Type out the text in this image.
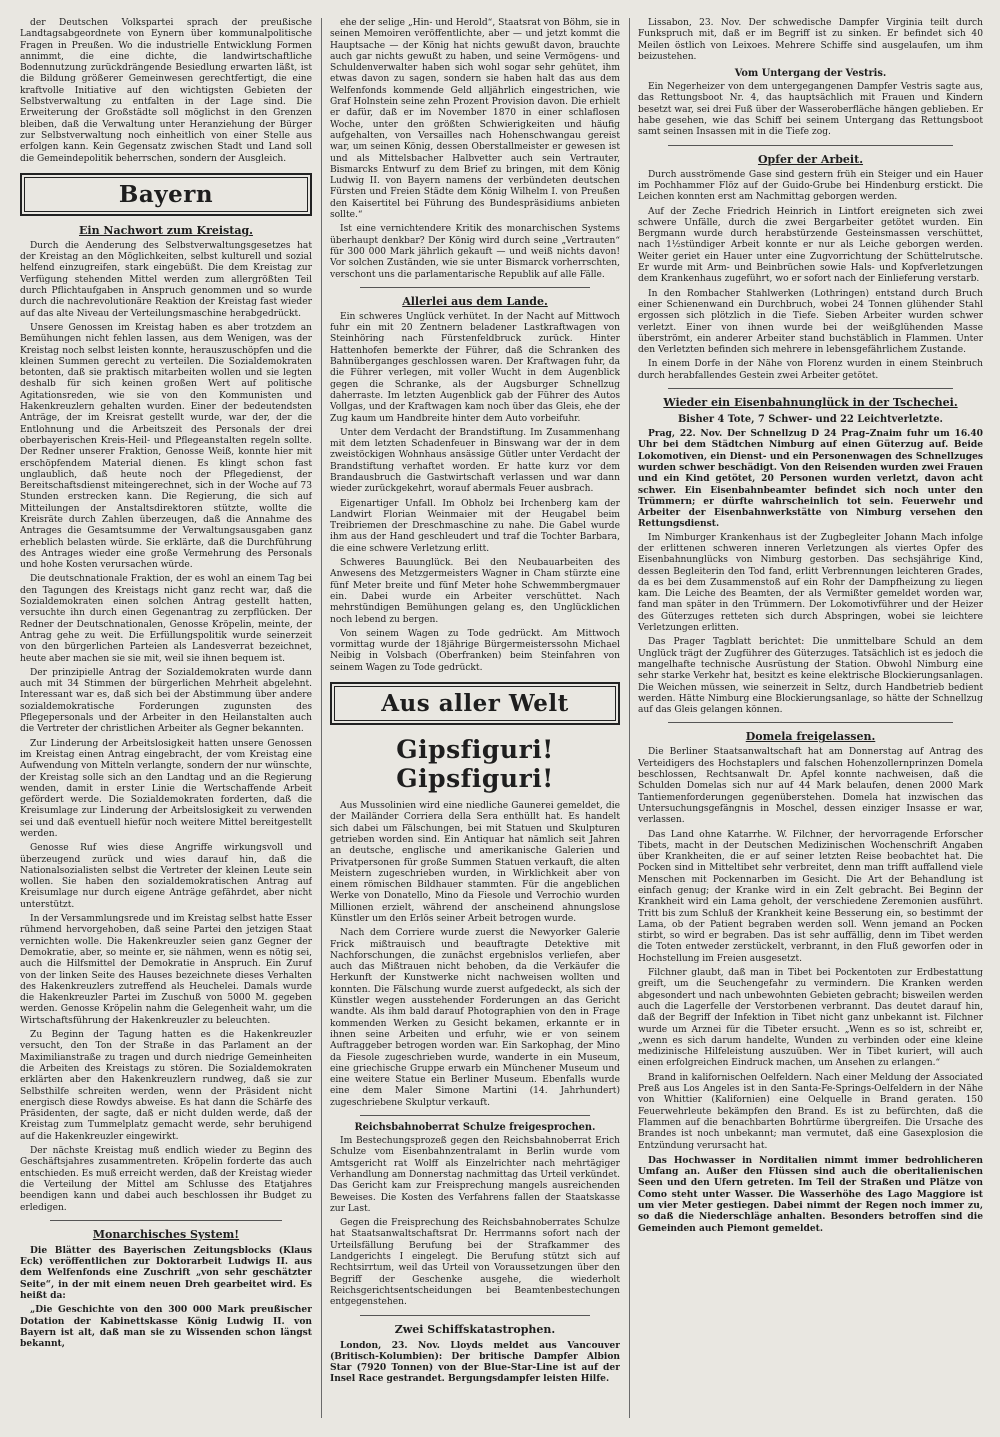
der Deutschen Volkspartei sprach der preußische Landtagsabgeordnete von Eynern über kommunalpolitische Fragen in Preußen. Wo die industrielle Entwicklung Formen annimmt, die eine dichte, die landwirtschaftliche Bodennutzung zurückdrängende Besiedlung erwarten läßt, ist die Bildung größerer Gemeinwesen gerechtfertigt, die eine kraftvolle Initiative auf den wichtigsten Gebieten der Selbstverwaltung zu entfalten in der Lage sind. Die Erweiterung der Großstädte soll möglichst in den Grenzen bleiben, daß die Verwaltung unter Heranziehung der Bürger zur Selbstverwaltung noch einheitlich von einer Stelle aus erfolgen kann. Kein Gegensatz zwischen Stadt und Land soll die Gemeindepolitik beherrschen, sondern der Ausgleich.

Bayern
Ein Nachwort zum Kreistag.

Durch die Aenderung des Selbstverwaltungsgesetzes hat der Kreistag an den Möglichkeiten, selbst kulturell und sozial helfend einzugreifen, stark eingebüßt. Die dem Kreistag zur Verfügung stehenden Mittel werden zum allergrößten Teil durch Pflichtaufgaben in Anspruch genommen und so wurde durch die nachrevolutionäre Reaktion der Kreistag fast wieder auf das alte Niveau der Verteilungsmaschine herabgedrückt.

Unsere Genossen im Kreistag haben es aber trotzdem an Bemühungen nicht fehlen lassen, aus dem Wenigen, was der Kreistag noch selbst leisten konnte, herauszuschöpfen und die kleinen Summen gerecht zu verteilen. Die Sozialdemokraten betonten, daß sie praktisch mitarbeiten wollen und sie legten deshalb für sich keinen großen Wert auf politische Agitationsreden, wie sie von den Kommunisten und Hakenkreuzlern gehalten wurden. Einer der bedeutendsten Anträge, der im Kreisrat gestellt wurde, war der, der die Entlohnung und die Arbeitszeit des Personals der drei oberbayerischen Kreis-Heil- und Pflegeanstalten regeln sollte. Der Redner unserer Fraktion, Genosse Weiß, konnte hier mit erschöpfendem Material dienen. Es klingt schon fast unglaublich, daß heute noch der Pflegedienst, der Bereitschaftsdienst miteingerechnet, sich in der Woche auf 73 Stunden erstrecken kann. Die Regierung, die sich auf Mitteilungen der Anstaltsdirektoren stützte, wollte die Kreisräte durch Zahlen überzeugen, daß die Annahme des Antrages die Gesamtsumme der Verwaltungsausgaben ganz erheblich belasten würde. Sie erklärte, daß die Durchführung des Antrages wieder eine große Vermehrung des Personals und hohe Kosten verursachen würde.

Die deutschnationale Fraktion, der es wohl an einem Tag bei den Tagungen des Kreistags nicht ganz recht war, daß die Sozialdemokraten einen solchen Antrag gestellt hatten, versuchte ihn durch einen Gegenantrag zu zerpflücken. Der Redner der Deutschnationalen, Genosse Kröpelin, meinte, der Antrag gehe zu weit. Die Erfüllungspolitik wurde seinerzeit von den bürgerlichen Parteien als Landesverrat bezeichnet, heute aber machen sie sie mit, weil sie ihnen bequem ist.

Der prinzipielle Antrag der Sozialdemokraten wurde dann auch mit 34 Stimmen der bürgerlichen Mehrheit abgelehnt. Interessant war es, daß sich bei der Abstimmung über andere sozialdemokratische Forderungen zugunsten des Pflegepersonals und der Arbeiter in den Heilanstalten auch die Vertreter der christlichen Arbeiter als Gegner bekannten.

Zur Linderung der Arbeitslosigkeit hatten unsere Genossen im Kreistag einen Antrag eingebracht, der vom Kreistag eine Aufwendung von Mitteln verlangte, sondern der nur wünschte, der Kreistag solle sich an den Landtag und an die Regierung wenden, damit in erster Linie die Wertschaffende Arbeit gefördert werde. Die Sozialdemokraten forderten, daß die Kreisumlage zur Linderung der Arbeitslosigkeit zu verwenden sei und daß eventuell hiefür noch weitere Mittel bereitgestellt werden.

Genosse Ruf wies diese Angriffe wirkungsvoll und überzeugend zurück und wies darauf hin, daß die Nationalsozialisten selbst die Vertreter der kleinen Leute sein wollen. Sie haben den sozialdemokratischen Antrag auf Kreisumlage nur durch eigene Anträge gefährdet, aber nicht unterstützt.

In der Versammlungsrede und im Kreistag selbst hatte Esser rühmend hervorgehoben, daß seine Partei den jetzigen Staat vernichten wolle. Die Hakenkreuzler seien ganz Gegner der Demokratie, aber, so meinte er, sie nähmen, wenn es nötig sei, auch die Hilfsmittel der Demokratie in Anspruch. Ein Zuruf von der linken Seite des Hauses bezeichnete dieses Verhalten des Hakenkreuzlers zutreffend als Heuchelei. Damals wurde die Hakenkreuzler Partei im Zuschuß von 5000 M. gegeben werden. Genosse Kröpelin nahm die Gelegenheit wahr, um die Wirtschaftsführung der Hakenkreuzler zu beleuchten.

Zu Beginn der Tagung hatten es die Hakenkreuzler versucht, den Ton der Straße in das Parlament an der Maximilianstraße zu tragen und durch niedrige Gemeinheiten die Arbeiten des Kreistags zu stören. Die Sozialdemokraten erklärten aber den Hakenkreuzlern rundweg, daß sie zur Selbsthilfe schreiten werden, wenn der Präsident nicht energisch diese Rowdys abweise. Es hat dann die Schärfe des Präsidenten, der sagte, daß er nicht dulden werde, daß der Kreistag zum Tummelplatz gemacht werde, sehr beruhigend auf die Hakenkreuzler eingewirkt.

Der nächste Kreistag muß endlich wieder zu Beginn des Geschäftsjahres zusammentreten. Kröpelin forderte das auch entschieden. Es muß erreicht werden, daß der Kreistag wieder die Verteilung der Mittel am Schlusse des Etatjahres beendigen kann und dabei auch beschlossen ihr Budget zu erledigen.

Monarchisches System!

Die Blätter des Bayerischen Zeitungsblocks (Klaus Eck) veröffentlichen zur Doktorarbeit Ludwigs II. aus dem Welfenfonds eine Zuschrift „von sehr geschätzter Seite“, in der mit einem neuen Dreh gearbeitet wird. Es heißt da:

„Die Geschichte von den 300 000 Mark preußischer Dotation der Kabinettskasse König Ludwig II. von Bayern ist alt, daß man sie zu Wissenden schon längst bekannt,

ehe der selige „Hin- und Herold“, Staatsrat von Böhm, sie in seinen Memoiren veröffentlichte, aber — und jetzt kommt die Hauptsache — der König hat nichts gewußt davon, brauchte auch gar nichts gewußt zu haben, und seine Vermögens- und Schuldenverwalter haben sich wohl sogar sehr gehütet, ihm etwas davon zu sagen, sondern sie haben halt das aus dem Welfenfonds kommende Geld alljährlich eingestrichen, wie Graf Holnstein seine zehn Prozent Provision davon. Die erhielt er dafür, daß er im November 1870 in einer schlaflosen Woche, unter den größten Schwierigkeiten und häufig aufgehalten, von Versailles nach Hohenschwangau gereist war, um seinen König, dessen Oberstallmeister er gewesen ist und als Mittelsbacher Halbvetter auch sein Vertrauter, Bismarcks Entwurf zu dem Brief zu bringen, mit dem König Ludwig II. von Bayern namens der verbündeten deutschen Fürsten und Freien Städte dem König Wilhelm I. von Preußen den Kaisertitel bei Führung des Bundespräsidiums anbieten sollte.“

Ist eine vernichtendere Kritik des monarchischen Systems überhaupt denkbar? Der König wird durch seine „Vertrauten“ für 300 000 Mark jährlich gekauft — und weiß nichts davon! Vor solchen Zuständen, wie sie unter Bismarck vorherrschten, verschont uns die parlamentarische Republik auf alle Fälle.

Allerlei aus dem Lande.

Ein schweres Unglück verhütet. In der Nacht auf Mittwoch fuhr ein mit 20 Zentnern beladener Lastkraftwagen von Steinhöring nach Fürstenfeldbruck zurück. Hinter Hattenhofen bemerkte der Führer, daß die Schranken des Bahnüberganges geschlossen waren. Der Kraftwagen fuhr, da die Führer verlegen, mit voller Wucht in dem Augenblick gegen die Schranke, als der Augsburger Schnellzug daherraste. Im letzten Augenblick gab der Führer des Autos Vollgas, und der Kraftwagen kam noch über das Gleis, ehe der Zug kaum um Handbreite hinter dem Auto vorbeifuhr.

Unter dem Verdacht der Brandstiftung. Im Zusammenhang mit dem letzten Schadenfeuer in Binswang war der in dem zweistöckigen Wohnhaus ansässige Gütler unter Verdacht der Brandstiftung verhaftet worden. Er hatte kurz vor dem Brandausbruch die Gastwirtschaft verlassen und war dann wieder zurückgekehrt, worauf abermals Feuer ausbrach.

Eigenartiger Unfall. Im Obholz bei Irchenberg kam der Landwirt Florian Weinmaier mit der Heugabel beim Treibriemen der Dreschmaschine zu nahe. Die Gabel wurde ihm aus der Hand geschleudert und traf die Tochter Barbara, die eine schwere Verletzung erlitt.

Schweres Bauunglück. Bei den Neubauarbeiten des Anwesens des Metzgermeisters Wagner in Cham stürzte eine fünf Meter breite und fünf Meter hohe Schwemmbergmauer ein. Dabei wurde ein Arbeiter verschüttet. Nach mehrstündigen Bemühungen gelang es, den Unglücklichen noch lebend zu bergen.

Von seinem Wagen zu Tode gedrückt. Am Mittwoch vormittag wurde der 18jährige Bürgermeisterssohn Michael Neibig in Volsbach (Oberfranken) beim Steinfahren von seinem Wagen zu Tode gedrückt.

Aus aller Welt
Gipsfiguri! Gipsfiguri!

Aus Mussolinien wird eine niedliche Gaunerei gemeldet, die der Mailänder Corriera della Sera enthüllt hat. Es handelt sich dabei um Fälschungen, bei mit Statuen und Skulpturen getrieben worden sind. Ein Antiquar hat nämlich seit Jahren an deutsche, englische und amerikanische Galerien und Privatpersonen für große Summen Statuen verkauft, die alten Meistern zugeschrieben wurden, in Wirklichkeit aber von einem römischen Bildhauer stammten. Für die angeblichen Werke von Donatello, Mino da Fiesole und Verrochio wurden Millionen erzielt, während der anscheinend ahnungslose Künstler um den Erlös seiner Arbeit betrogen wurde.

Nach dem Corriere wurde zuerst die Newyorker Galerie Frick mißtrauisch und beauftragte Detektive mit Nachforschungen, die zunächst ergebnislos verliefen, aber auch das Mißtrauen nicht behoben, da die Verkäufer die Herkunft der Kunstwerke nicht nachweisen wollten und konnten. Die Fälschung wurde zuerst aufgedeckt, als sich der Künstler wegen ausstehender Forderungen an das Gericht wandte. Als ihm bald darauf Photographien von den in Frage kommenden Werken zu Gesicht bekamen, erkannte er in ihnen seine Arbeiten und erfuhr, wie er von seinem Auftraggeber betrogen worden war. Ein Sarkophag, der Mino da Fiesole zugeschrieben wurde, wanderte in ein Museum, eine griechische Gruppe erwarb ein Münchener Museum und eine weitere Statue ein Berliner Museum. Ebenfalls wurde eine dem Maler Simone Martini (14. Jahrhundert) zugeschriebene Skulptur verkauft.

Reichsbahnoberrat Schulze freigesprochen.

Im Bestechungsprozeß gegen den Reichsbahnoberrat Erich Schulze vom Eisenbahnzentralamt in Berlin wurde vom Amtsgericht rat Wolff als Einzelrichter nach mehrtägiger Verhandlung am Donnerstag nachmittag das Urteil verkündet. Das Gericht kam zur Freisprechung mangels ausreichenden Beweises. Die Kosten des Verfahrens fallen der Staatskasse zur Last.

Gegen die Freisprechung des Reichsbahnoberrates Schulze hat Staatsanwaltschaftsrat Dr. Herrmanns sofort nach der Urteilsfällung Berufung bei der Strafkammer des Landgerichts I eingelegt. Die Berufung stützt sich auf Rechtsirrtum, weil das Urteil von Voraussetzungen über den Begriff der Geschenke ausgehe, die wiederholt Reichsgerichtsentscheidungen bei Beamtenbestechungen entgegenstehen.

Zwei Schiffskatastrophen.

London, 23. Nov. Lloyds meldet aus Vancouver (Britisch-Kolumbien): Der britische Dampfer Albion Star (7920 Tonnen) von der Blue-Star-Line ist auf der Insel Race gestrandet. Bergungsdampfer leisten Hilfe.

Lissabon, 23. Nov. Der schwedische Dampfer Virginia teilt durch Funkspruch mit, daß er im Begriff ist zu sinken. Er befindet sich 40 Meilen östlich von Leixoes. Mehrere Schiffe sind ausgelaufen, um ihm beizustehen.

Vom Untergang der Vestris.

Ein Negerheizer von dem untergegangenen Dampfer Vestris sagte aus, das Rettungsboot Nr. 4, das hauptsächlich mit Frauen und Kindern besetzt war, sei drei Fuß über der Wasseroberfläche hängen geblieben. Er habe gesehen, wie das Schiff bei seinem Untergang das Rettungsboot samt seinen Insassen mit in die Tiefe zog.

Opfer der Arbeit.

Durch ausströmende Gase sind gestern früh ein Steiger und ein Hauer im Pochhammer Flöz auf der Guido-Grube bei Hindenburg erstickt. Die Leichen konnten erst am Nachmittag geborgen werden.

Auf der Zeche Friedrich Heinrich in Lintfort ereigneten sich zwei schwere Unfälle, durch die zwei Bergarbeiter getötet wurden. Ein Bergmann wurde durch herabstürzende Gesteinsmassen verschüttet, nach 1½stündiger Arbeit konnte er nur als Leiche geborgen werden. Weiter geriet ein Hauer unter eine Zugvorrichtung der Schüttelrutsche. Er wurde mit Arm- und Beinbrüchen sowie Hals- und Kopfverletzungen dem Krankenhaus zugeführt, wo er sofort nach der Einlieferung verstarb.

In den Rombacher Stahlwerken (Lothringen) entstand durch Bruch einer Schienenwand ein Durchbruch, wobei 24 Tonnen glühender Stahl ergossen sich plötzlich in die Tiefe. Sieben Arbeiter wurden schwer verletzt. Einer von ihnen wurde bei der weißglühenden Masse überströmt, ein anderer Arbeiter stand buchstäblich in Flammen. Unter den Verletzten befinden sich mehrere in lebensgefährlichem Zustande.

In einem Dorfe in der Nähe von Florenz wurden in einem Steinbruch durch herabfallendes Gestein zwei Arbeiter getötet.

Wieder ein Eisenbahnunglück in der Tschechei.
Bisher 4 Tote, 7 Schwer- und 22 Leichtverletzte.

Prag, 22. Nov. Der Schnellzug D 24 Prag–Znaim fuhr um 16.40 Uhr bei dem Städtchen Nimburg auf einen Güterzug auf. Beide Lokomotiven, ein Dienst- und ein Personenwagen des Schnellzuges wurden schwer beschädigt. Von den Reisenden wurden zwei Frauen und ein Kind getötet, 20 Personen wurden verletzt, davon acht schwer. Ein Eisenbahnbeamter befindet sich noch unter den Trümmern; er dürfte wahrscheinlich tot sein. Feuerwehr und Arbeiter der Eisenbahnwerkstätte von Nimburg versehen den Rettungsdienst.

Im Nimburger Krankenhaus ist der Zugbegleiter Johann Mach infolge der erlittenen schweren inneren Verletzungen als viertes Opfer des Eisenbahnunglücks von Nimburg gestorben. Das sechsjährige Kind, dessen Begleiterin den Tod fand, erlitt Verbrennungen leichteren Grades, da es bei dem Zusammenstoß auf ein Rohr der Dampfheizung zu liegen kam. Die Leiche des Beamten, der als Vermißter gemeldet worden war, fand man später in den Trümmern. Der Lokomotivführer und der Heizer des Güterzuges retteten sich durch Abspringen, wobei sie leichtere Verletzungen erlitten.

Das Prager Tagblatt berichtet: Die unmittelbare Schuld an dem Unglück trägt der Zugführer des Güterzuges. Tatsächlich ist es jedoch die mangelhafte technische Ausrüstung der Station. Obwohl Nimburg eine sehr starke Verkehr hat, besitzt es keine elektrische Blockierungsanlagen. Die Weichen müssen, wie seinerzeit in Seltz, durch Handbetrieb bedient werden. Hätte Nimburg eine Blockierungsanlage, so hätte der Schnellzug auf das Gleis gelangen können.

Domela freigelassen.

Die Berliner Staatsanwaltschaft hat am Donnerstag auf Antrag des Verteidigers des Hochstaplers und falschen Hohenzollernprinzen Domela beschlossen, Rechtsanwalt Dr. Apfel konnte nachweisen, daß die Schulden Domelas sich nur auf 44 Mark belaufen, denen 2000 Mark Tantiemenforderungen gegenüberstehen. Domela hat inzwischen das Untersuchungsgefängnis in Moschel, dessen einziger Insasse er war, verlassen.

Das Land ohne Katarrhe. W. Filchner, der hervorragende Erforscher Tibets, macht in der Deutschen Medizinischen Wochenschrift Angaben über Krankheiten, die er auf seiner letzten Reise beobachtet hat. Die Pocken sind in Mitteltibet sehr verbreitet, denn man trifft auffallend viele Menschen mit Pockennarben im Gesicht. Die Art der Behandlung ist einfach genug; der Kranke wird in ein Zelt gebracht. Bei Beginn der Krankheit wird ein Lama geholt, der verschiedene Zeremonien ausführt. Tritt bis zum Schluß der Krankheit keine Besserung ein, so bestimmt der Lama, ob der Patient begraben werden soll. Wenn jemand an Pocken stirbt, so wird er begraben. Das ist sehr auffällig, denn im Tibet werden die Toten entweder zerstückelt, verbrannt, in den Fluß geworfen oder in Hochstellung im Freien ausgesetzt.

Filchner glaubt, daß man in Tibet bei Pockentoten zur Erdbestattung greift, um die Seuchengefahr zu vermindern. Die Kranken werden abgesondert und nach unbewohnten Gebieten gebracht; bisweilen werden auch die Lagerfelle der Verstorbenen verbrannt. Das deutet darauf hin, daß der Begriff der Infektion in Tibet nicht ganz unbekannt ist. Filchner wurde um Arznei für die Tibeter ersucht. „Wenn es so ist, schreibt er, „wenn es sich darum handelte, Wunden zu verbinden oder eine kleine medizinische Hilfeleistung auszuüben. Wer in Tibet kuriert, will auch einen erfolgreichen Eindruck machen, um Ansehen zu erlangen.“

Brand in kalifornischen Oelfeldern. Nach einer Meldung der Associated Preß aus Los Angeles ist in den Santa-Fe-Springs-Oelfeldern in der Nähe von Whittier (Kalifornien) eine Oelquelle in Brand geraten. 150 Feuerwehrleute bekämpfen den Brand. Es ist zu befürchten, daß die Flammen auf die benachbarten Bohrtürme übergreifen. Die Ursache des Brandes ist noch unbekannt; man vermutet, daß eine Gasexplosion die Entzündung verursacht hat.

Das Hochwasser in Norditalien nimmt immer bedrohlicheren Umfang an. Außer den Flüssen sind auch die oberitalienischen Seen und den Ufern getreten. Im Teil der Straßen und Plätze von Como steht unter Wasser. Die Wasserhöhe des Lago Maggiore ist um vier Meter gestiegen. Dabei nimmt der Regen noch immer zu, so daß die Niederschläge anhalten. Besonders betroffen sind die Gemeinden auch Piemont gemeldet.
